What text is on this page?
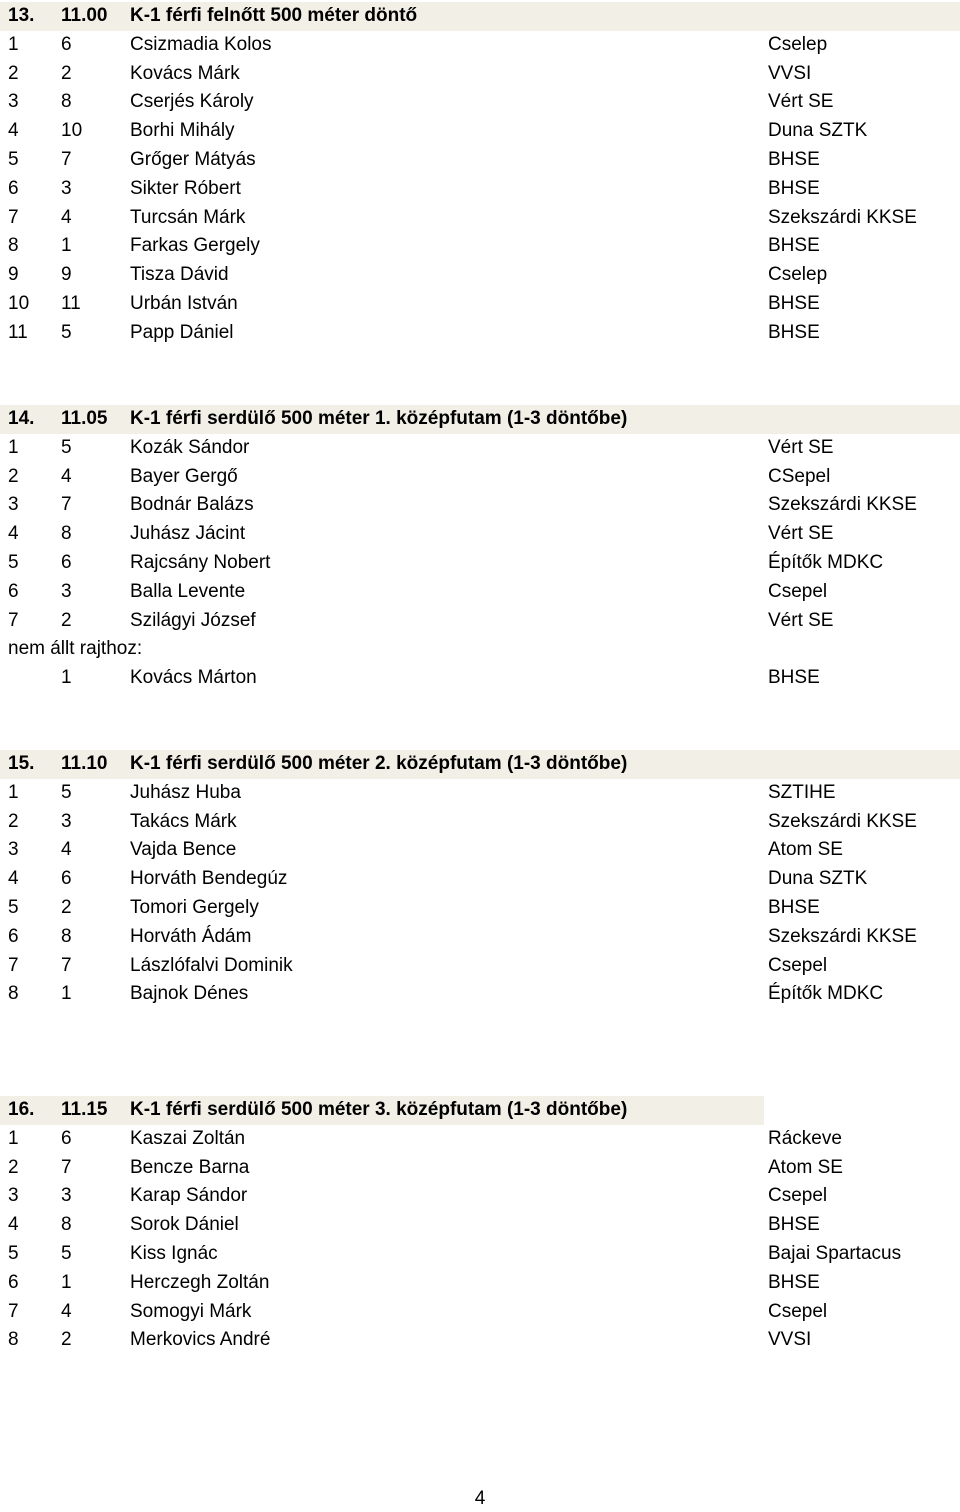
13. 11.00 K-1 férfi felnőtt 500 méter döntő
1 6	Csizmadia Kolos	Cselep
2 2	Kovács Márk	VVSI
3 8	Cserjés Károly	Vért SE
4 10	Borhi Mihály	Duna SZTK
5 7	Grőger Mátyás	BHSE
6 3	Sikter Róbert	BHSE
7 4	Turcsán Márk	Szekszárdi KKSE
8 1	Farkas Gergely	BHSE
9 9	Tisza Dávid	Cselep
10 11	Urbán István	BHSE
11 5	Papp Dániel	BHSE
14. 11.05 K-1 férfi serdülő 500 méter 1. középfutam (1-3 döntőbe)
1 5	Kozák Sándor	Vért SE
2 4	Bayer Gergő	CSepel
3 7	Bodnár Balázs	Szekszárdi KKSE
4 8	Juhász Jácint	Vért SE
5 6	Rajcsány Nobert	Építők MDKC
6 3	Balla Levente	Csepel
7 2	Szilágyi József	Vért SE
nem állt rajthoz:
1	Kovács Márton	BHSE
15. 11.10 K-1 férfi serdülő 500 méter 2. középfutam (1-3 döntőbe)
1 5	Juhász Huba	SZTIHE
2 3	Takács Márk	Szekszárdi KKSE
3 4	Vajda Bence	Atom SE
4 6	Horváth Bendegúz	Duna SZTK
5 2	Tomori Gergely	BHSE
6 8	Horváth Ádám	Szekszárdi KKSE
7 7	Lászlófalvi Dominik	Csepel
8 1	Bajnok Dénes	Építők MDKC
16. 11.15 K-1 férfi serdülő 500 méter 3. középfutam (1-3 döntőbe)
1 6	Kaszai Zoltán	Ráckeve
2 7	Bencze Barna	Atom SE
3 3	Karap Sándor	Csepel
4 8	Sorok Dániel	BHSE
5 5	Kiss Ignác	Bajai Spartacus
6 1	Herczegh Zoltán	BHSE
7 4	Somogyi Márk	Csepel
8 2	Merkovics André	VVSI
4
